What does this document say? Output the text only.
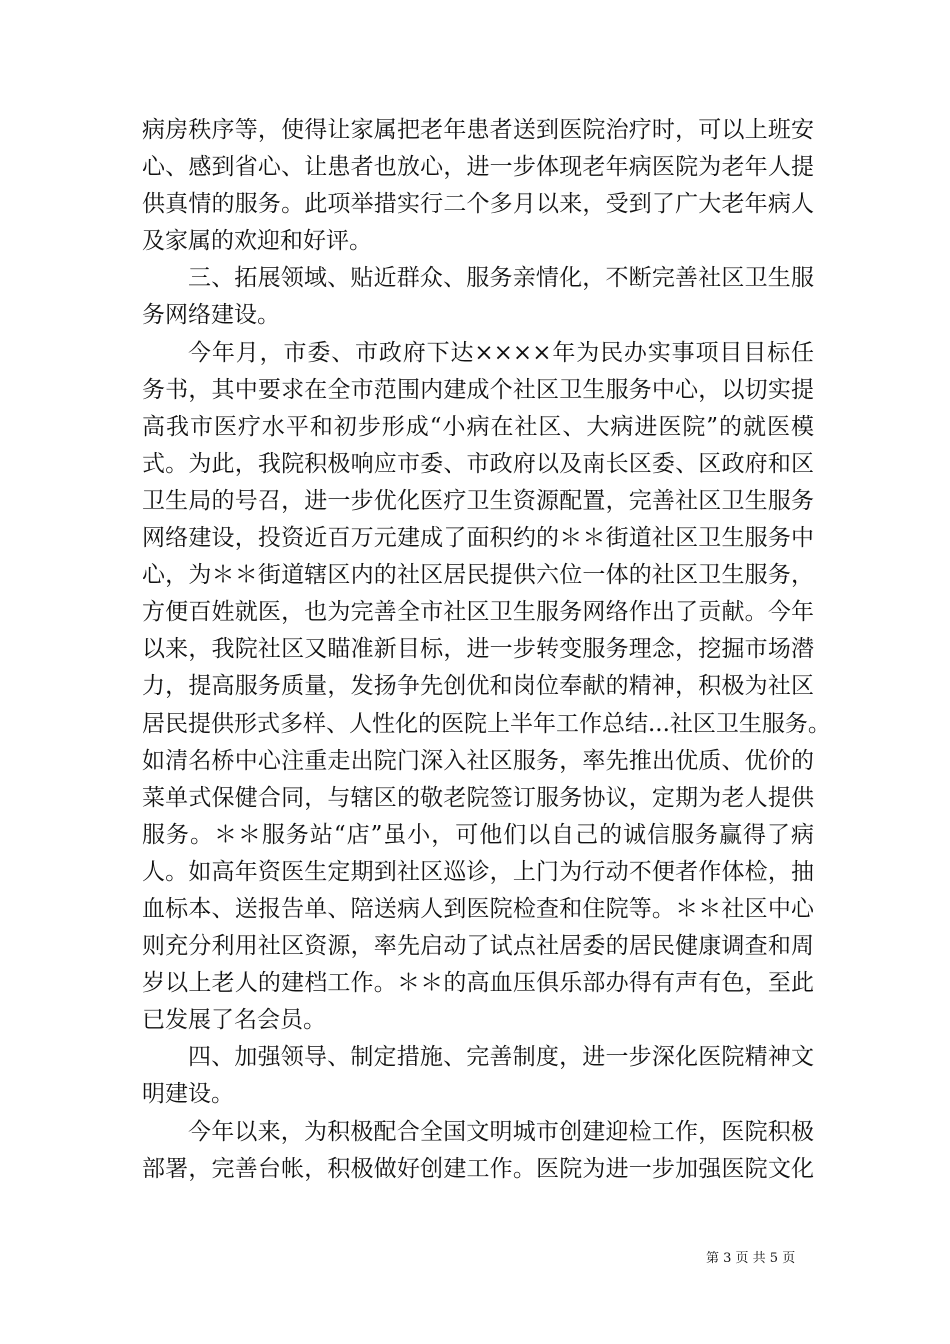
病房秩序等，使得让家属把老年患者送到医院治疗时，可以上班安
心、感到省心、让患者也放心，进一步体现老年病医院为老年人提
供真情的服务。此项举措实行二个多月以来，受到了广大老年病人
及家属的欢迎和好评。
三、拓展领域、贴近群众、服务亲情化，不断完善社区卫生服
务网络建设。
今年月，市委、市政府下达××××年为民办实事项目目标任
务书，其中要求在全市范围内建成个社区卫生服务中心，以切实提
高我市医疗水平和初步形成“小病在社区、大病进医院”的就医模
式。为此，我院积极响应市委、市政府以及南长区委、区政府和区
卫生局的号召，进一步优化医疗卫生资源配置，完善社区卫生服务
网络建设，投资近百万元建成了面积约的＊＊街道社区卫生服务中
心，为＊＊街道辖区内的社区居民提供六位一体的社区卫生服务，
方便百姓就医，也为完善全市社区卫生服务网络作出了贡献。今年
以来，我院社区又瞄准新目标，进一步转变服务理念，挖掘市场潜
力，提高服务质量，发扬争先创优和岗位奉献的精神，积极为社区
居民提供形式多样、人性化的医院上半年工作总结...社区卫生服务。
如清名桥中心注重走出院门深入社区服务，率先推出优质、优价的
菜单式保健合同，与辖区的敬老院签订服务协议，定期为老人提供
服务。＊＊服务站“店”虽小，可他们以自己的诚信服务赢得了病
人。如高年资医生定期到社区巡诊，上门为行动不便者作体检，抽
血标本、送报告单、陪送病人到医院检查和住院等。＊＊社区中心
则充分利用社区资源，率先启动了试点社居委的居民健康调查和周
岁以上老人的建档工作。＊＊的高血压俱乐部办得有声有色，至此
已发展了名会员。
四、加强领导、制定措施、完善制度，进一步深化医院精神文
明建设。
今年以来，为积极配合全国文明城市创建迎检工作，医院积极
部署，完善台帐，积极做好创建工作。医院为进一步加强医院文化
第 3 页 共 5 页
